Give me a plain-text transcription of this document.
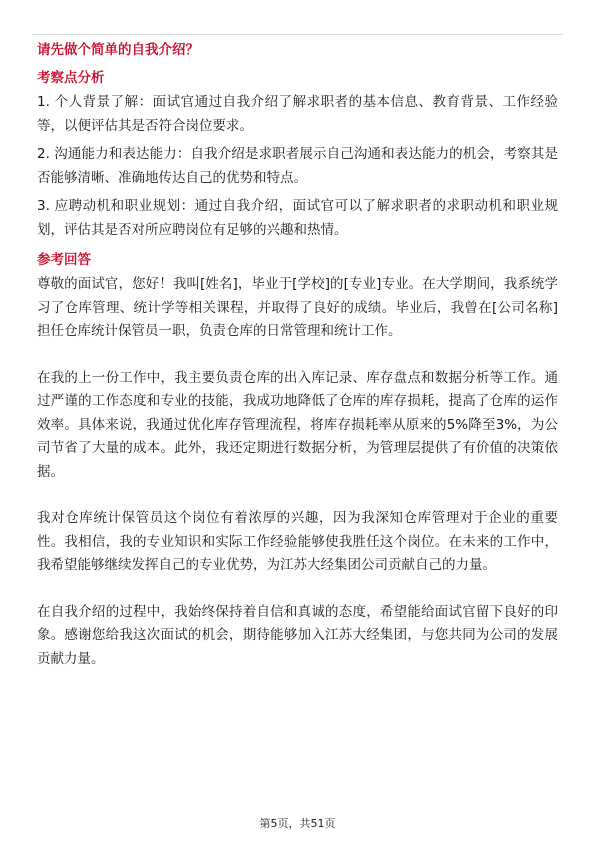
请先做个简单的自我介绍？
考察点分析

1. 个人背景了解：面试官通过自我介绍了解求职者的基本信息、教育背景、工作经验等，以便评估其是否符合岗位要求。

2. 沟通能力和表达能力：自我介绍是求职者展示自己沟通和表达能力的机会，考察其是否能够清晰、准确地传达自己的优势和特点。

3. 应聘动机和职业规划：通过自我介绍，面试官可以了解求职者的求职动机和职业规划，评估其是否对所应聘岗位有足够的兴趣和热情。

参考回答

尊敬的面试官，您好！我叫[姓名]，毕业于[学校]的[专业]专业。在大学期间，我系统学习了仓库管理、统计学等相关课程，并取得了良好的成绩。毕业后，我曾在[公司名称]担任仓库统计保管员一职，负责仓库的日常管理和统计工作。

在我的上一份工作中，我主要负责仓库的出入库记录、库存盘点和数据分析等工作。通过严谨的工作态度和专业的技能，我成功地降低了仓库的库存损耗，提高了仓库的运作效率。具体来说，我通过优化库存管理流程，将库存损耗率从原来的5%降至3%，为公司节省了大量的成本。此外，我还定期进行数据分析，为管理层提供了有价值的决策依据。

我对仓库统计保管员这个岗位有着浓厚的兴趣，因为我深知仓库管理对于企业的重要性。我相信，我的专业知识和实际工作经验能够使我胜任这个岗位。在未来的工作中，我希望能够继续发挥自己的专业优势，为江苏大经集团公司贡献自己的力量。

在自我介绍的过程中，我始终保持着自信和真诚的态度，希望能给面试官留下良好的印象。感谢您给我这次面试的机会，期待能够加入江苏大经集团，与您共同为公司的发展贡献力量。

第5页，共51页
